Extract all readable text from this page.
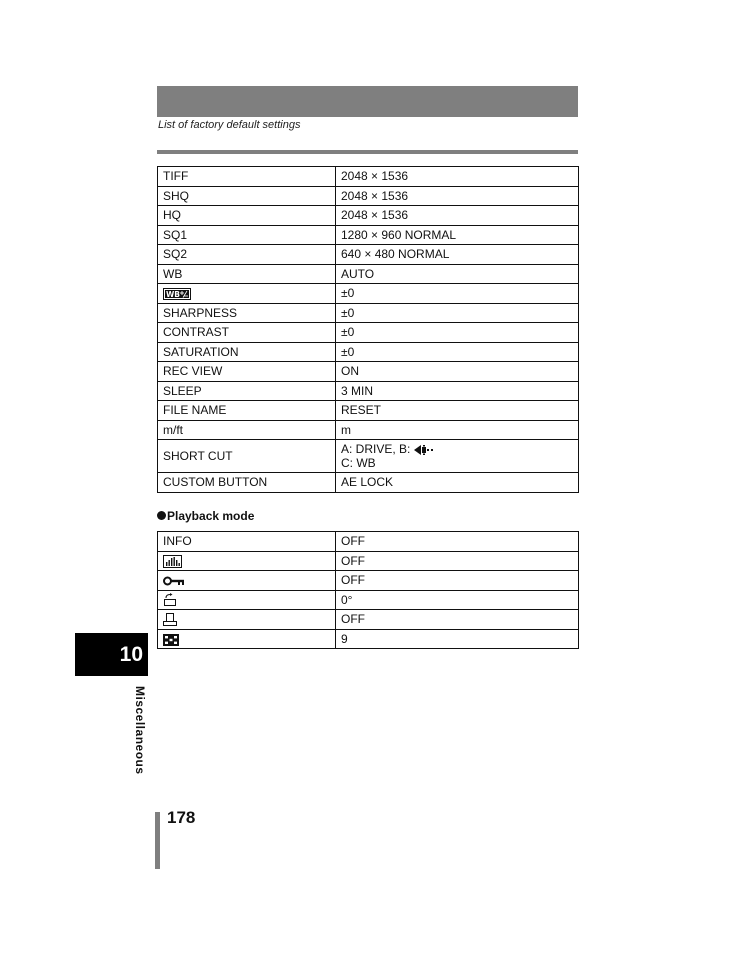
List of factory default settings
TIFF	2048 × 1536
SHQ	2048 × 1536
HQ	2048 × 1536
SQ1	1280 × 960 NORMAL
SQ2	640 × 480 NORMAL
WB	AUTO

WB	±0
SHARPNESS	±0
CONTRAST	±0
SATURATION	±0
REC VIEW	ON
SLEEP	3 MIN
FILE NAME	RESET
m/ft	m
SHORT CUT	A: DRIVE, B:
C: WB

CUSTOM BUTTON	AE LOCK
Playback mode
INFO	OFF

	OFF

	OFF

	0°

	OFF

	9
10
Miscellaneous
178
